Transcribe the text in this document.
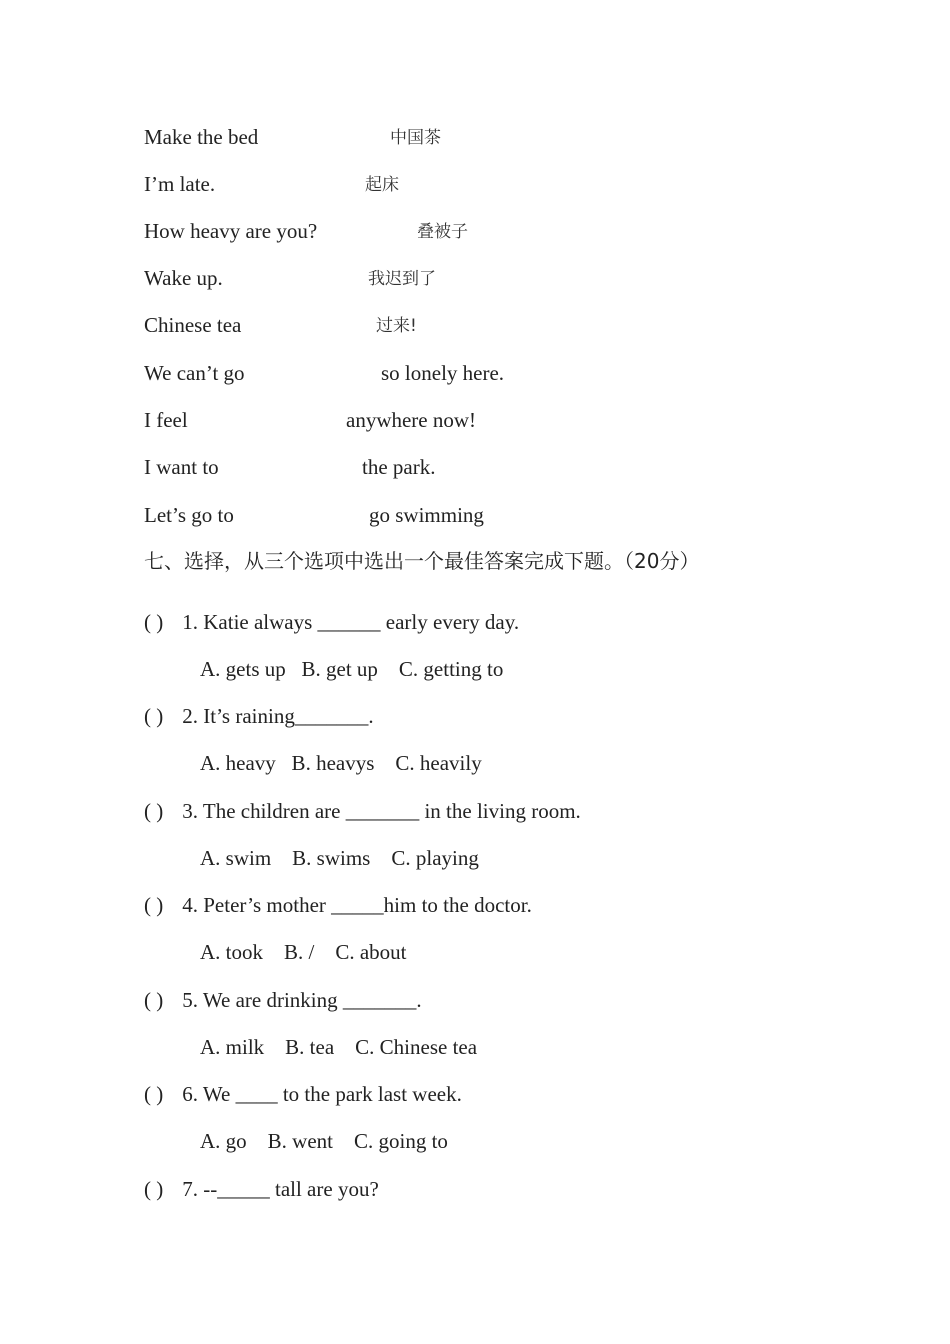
Make the bed	中国茶
I’m late.	起床
How heavy are you?	叠被子
Wake up.	我迟到了
Chinese tea	过来!
We can’t go	so lonely here.
I feel	anywhere now!
I want to	the park.
Let’s go to	go swimming
七、选择，从三个选项中选出一个最佳答案完成下题。（20分）
( ) 1. Katie always ______ early every day.
A. gets up   B. get up    C. getting to
( ) 2. It’s raining_______.
A. heavy   B. heavys    C. heavily
( ) 3. The children are _______ in the living room.
A. swim    B. swims    C. playing
( ) 4. Peter’s mother _____him to the doctor.
A. took    B. /    C. about
( ) 5. We are drinking _______.
A. milk    B. tea    C. Chinese tea
( ) 6. We ____ to the park last week.
A. go    B. went    C. going to
( ) 7. --_____ tall are you?
